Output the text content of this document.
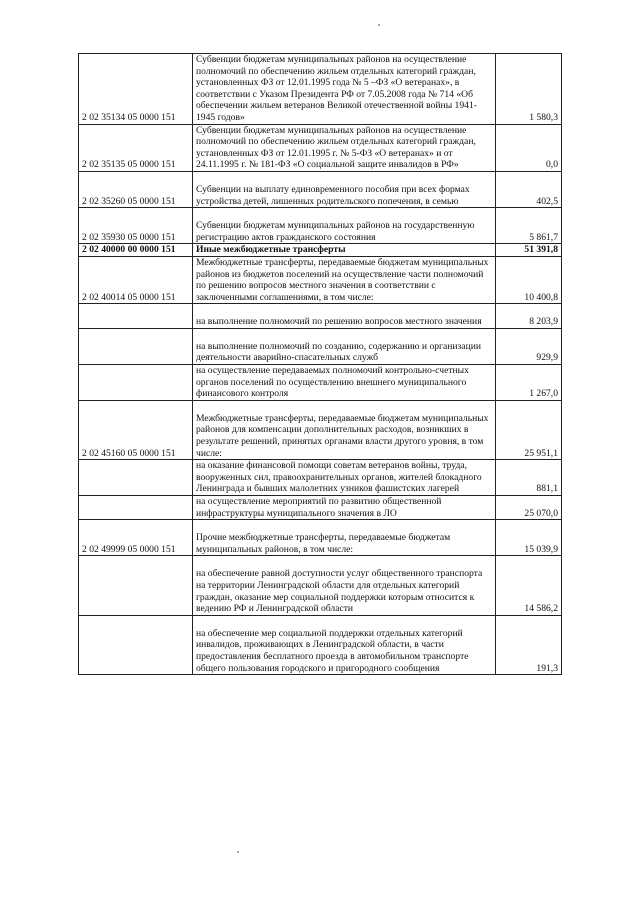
2 02 35134 05 0000 151	Субвенции бюджетам муниципальных районов на осуществление полномочий по обеспечению жильем отдельных категорий граждан, установленных ФЗ от 12.01.1995 года № 5 –ФЗ «О ветеранах», в соответствии с Указом Президента РФ от 7.05.2008 года № 714 «Об обеспечении жильем ветеранов Великой отечественной войны 1941-1945 годов»	1 580,3
2 02 35135 05 0000 151	Субвенции бюджетам муниципальных районов на осуществление полномочий по обеспечению жильем отдельных категорий граждан, установленных ФЗ от 12.01.1995 г. № 5-ФЗ «О ветеранах» и от 24.11.1995 г. № 181-ФЗ «О социальной защите инвалидов в РФ»	0,0
2 02 35260 05 0000 151	Субвенции на выплату единовременного пособия при всех формах устройства детей, лишенных родительского попечения, в семью	402,5
2 02 35930 05 0000 151	Субвенции бюджетам муниципальных районов на государственную регистрацию актов гражданского состояния	5 861,7
2 02 40000 00 0000 151	Иные межбюджетные трансферты	51 391,8
2 02 40014 05 0000 151	Межбюджетные трансферты, передаваемые бюджетам муниципальных районов из бюджетов поселений на осуществление части полномочий по решению вопросов местного значения в соответствии с заключенными соглашениями, в том числе:	10 400,8
	на выполнение полномочий по решению вопросов местного значения	8 203,9
	на выполнение полномочий по созданию, содержанию и организации деятельности аварийно-спасательных служб	929,9
	на осуществление передаваемых полномочий контрольно-счетных органов поселений по осуществлению внешнего муниципального финансового контроля	1 267,0
2 02 45160 05 0000 151	Межбюджетные трансферты, передаваемые бюджетам муниципальных районов для компенсации дополнительных расходов, возникших в результате решений, принятых органами власти другого уровня, в том числе:	25 951,1
	на оказание финансовой помощи советам ветеранов войны, труда, вооруженных сил, правоохранительных органов, жителей блокадного Ленинграда и бывших малолетних узников фашистских лагерей	881,1
	на осуществление мероприятий по развитию общественной инфраструктуры муниципального значения в ЛО	25 070,0
2 02 49999 05 0000 151	Прочие межбюджетные трансферты, передаваемые бюджетам муниципальных районов, в том числе:	15 039,9
	на обеспечение равной доступности услуг общественного транспорта на территории Ленинградской области для отдельных категорий граждан, оказание мер социальной поддержки которым относится к ведению РФ и Ленинградской области	14 586,2
	на обеспечение мер социальной поддержки отдельных категорий инвалидов, проживающих в Ленинградской области, в части предоставления бесплатного проезда в автомобильном транспорте общего пользования городского и пригородного сообщения	191,3
